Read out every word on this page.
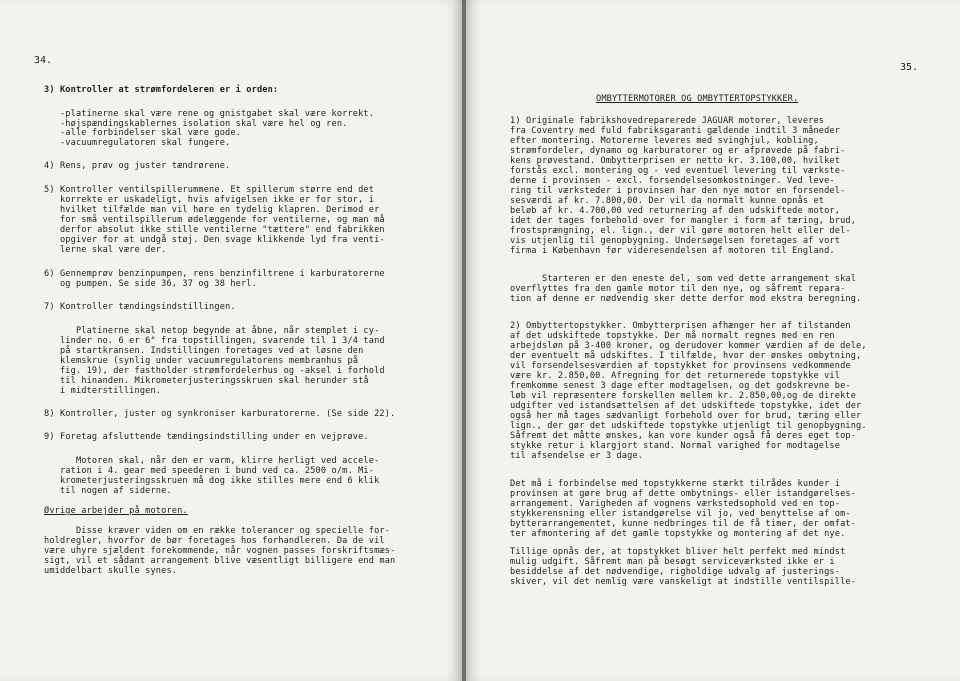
34.
3) Kontroller at strømfordeleren er i orden:
-platinerne skal være rene og gnistgabet skal være korrekt.
-højspændingskablernes isolation skal være hel og ren.
-alle forbindelser skal være gode.
-vacuumregulatoren skal fungere.
4) Rens, prøv og juster tændrørene.
5) Kontroller ventilspillerummene. Et spillerum større end det
korrekte er uskadeligt, hvis afvigelsen ikke er for stor, i
hvilket tilfælde man vil høre en tydelig klapren. Derimod er
for små ventilspillerum ødelæggende for ventilerne, og man må
derfor absolut ikke stille ventilerne "tættere" end fabrikken
opgiver for at undgå støj. Den svage klikkende lyd fra venti-
lerne skal være der.
6) Gennemprøv benzinpumpen, rens benzinfiltrene i karburatorerne
og pumpen. Se side 36, 37 og 38 herl.
7) Kontroller tændingsindstillingen.
Platinerne skal netop begynde at åbne, når stemplet i cy-
linder no. 6 er 6° fra topstillingen, svarende til 1 3/4 tand
på startkransen. Indstillingen foretages ved at løsne den
klemskrue (synlig under vacuumregulatorens membranhus på
fig. 19), der fastholder strømfordelerhus og -aksel i forhold
til hinanden. Mikrometerjusteringsskruen skal herunder stå
i midterstillingen.
8) Kontroller, juster og synkroniser karburatorerne. (Se side 22).
9) Foretag afsluttende tændingsindstilling under en vejprøve.
Motoren skal, når den er varm, klirre herligt ved accele-
ration i 4. gear med speederen i bund ved ca. 2500 o/m. Mi-
krometerjusteringsskruen må dog ikke stilles mere end 6 klik
til nogen af siderne.
Øvrige arbejder på motoren.
Disse kræver viden om en række tolerancer og specielle for-
holdregler, hvorfor de bør foretages hos forhandleren. Da de vil
være uhyre sjældent forekommende, når vognen passes forskriftsmæs-
sigt, vil et sådant arrangement blive væsentligt billigere end man
umiddelbart skulle synes.
35.
OMBYTTERMOTORER OG OMBYTTERTOPSTYKKER.
1) Originale fabrikshovedreparerede JAGUAR motorer, leveres
fra Coventry med fuld fabriksgaranti gældende indtil 3 måneder
efter montering. Motorerne leveres med svinghjul, kobling,
strømfordeler, dynamo og karburatorer og er afprøvede på fabri-
kens prøvestand. Ombytterprisen er netto kr. 3.100,00, hvilket
forstås excl. montering og - ved eventuel levering til værkste-
derne i provinsen - excl. forsendelsesomkostninger. Ved leve-
ring til værksteder i provinsen har den nye motor en forsendel-
sesværdi af kr. 7.800,00. Der vil da normalt kunne opnås et
beløb af kr. 4.700,00 ved returnering af den udskiftede motor,
idet der tages forbehold over for mangler i form af tæring, brud,
frostsprængning, el. lign., der vil gøre motoren helt eller del-
vis utjenlig til genopbygning. Undersøgelsen foretages af vort
firma i København før videresendelsen af motoren til England.
Starteren er den eneste del, som ved dette arrangement skal
overflyttes fra den gamle motor til den nye, og såfremt repara-
tion af denne er nødvendig sker dette derfor mod ekstra beregning.
2) Ombyttertopstykker. Ombytterprisen afhænger her af tilstanden
af det udskiftede topstykke. Der må normalt regnes med en ren
arbejdsløn på 3-400 kroner, og derudover kommer værdien af de dele,
der eventuelt må udskiftes. I tilfælde, hvor der ønskes ombytning,
vil forsendelsesværdien af topstykket for provinsens vedkommende
være kr. 2.850,00. Afregning for det returnerede topstykke vil
fremkomme senest 3 dage efter modtagelsen, og det godskrevne be-
løb vil repræsentere forskellen mellem kr. 2.850,00,og de direkte
udgifter ved istandsættelsen af det udskiftede topstykke, idet der
også her må tages sædvanligt forbehold over for brud, tæring eller
lign., der gør det udskiftede topstykke utjenligt til genopbygning.
Såfremt det måtte ønskes, kan vore kunder også få deres eget top-
stykke retur i klargjort stand. Normal varighed for modtagelse
til afsendelse er 3 dage.
Det må i forbindelse med topstykkerne stærkt tilrådes kunder i
provinsen at gøre brug af dette ombytnings- eller istandgørelses-
arrangement. Varigheden af vognens værkstedsophold ved en top-
stykkerensning eller istandgørelse vil jo, ved benyttelse af om-
bytterarrangementet, kunne nedbringes til de få timer, der omfat-
ter afmontering af det gamle topstykke og montering af det nye.
Tillige opnås der, at topstykket bliver helt perfekt med mindst
mulig udgift. Såfremt man på besøgt serviceværksted ikke er i
besiddelse af det nødvendige, righoldige udvalg af justerings-
skiver, vil det nemlig være vanskeligt at indstille ventilspille-
